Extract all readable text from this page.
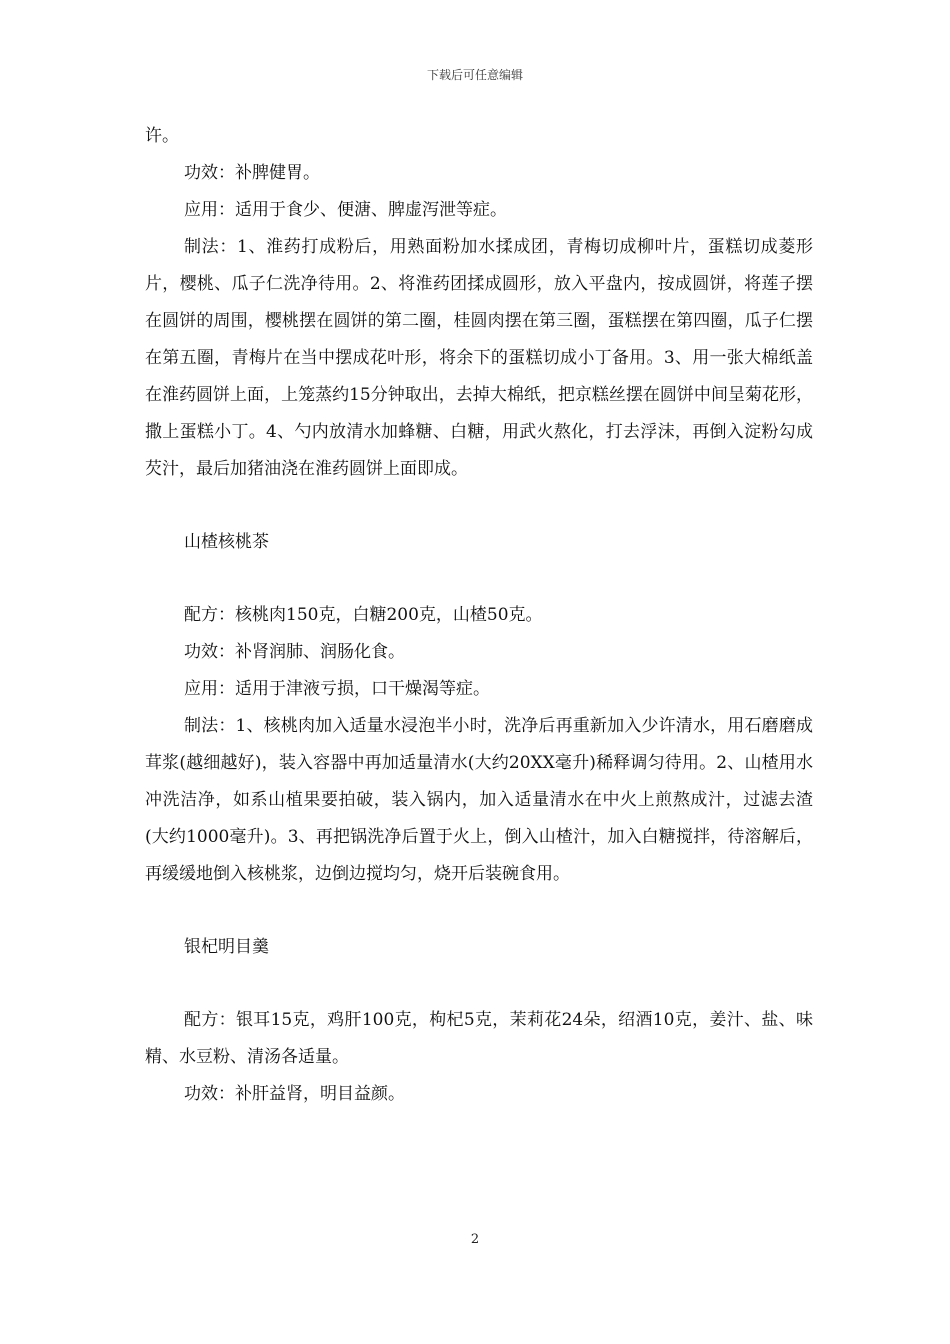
下载后可任意编辑

许。

功效：补脾健胃。

应用：适用于食少、便溏、脾虚泻泄等症。

制法：1、淮药打成粉后，用熟面粉加水揉成团，青梅切成柳叶片，蛋糕切成菱形片，樱桃、瓜子仁洗净待用。2、将淮药团揉成圆形，放入平盘内，按成圆饼，将莲子摆在圆饼的周围，樱桃摆在圆饼的第二圈，桂圆肉摆在第三圈，蛋糕摆在第四圈，瓜子仁摆在第五圈，青梅片在当中摆成花叶形，将余下的蛋糕切成小丁备用。3、用一张大棉纸盖在淮药圆饼上面，上笼蒸约15分钟取出，去掉大棉纸，把京糕丝摆在圆饼中间呈菊花形，撒上蛋糕小丁。4、勺内放清水加蜂糖、白糖，用武火熬化，打去浮沫，再倒入淀粉勾成芡汁，最后加猪油浇在淮药圆饼上面即成。

山楂核桃茶

配方：核桃肉150克，白糖200克，山楂50克。

功效：补肾润肺、润肠化食。

应用：适用于津液亏损，口干燥渴等症。

制法：1、核桃肉加入适量水浸泡半小时，洗净后再重新加入少许清水，用石磨磨成茸浆(越细越好)，装入容器中再加适量清水(大约20XX毫升)稀释调匀待用。2、山楂用水冲洗洁净，如系山植果要拍破，装入锅内，加入适量清水在中火上煎熬成汁，过滤去渣(大约1000毫升)。3、再把锅洗净后置于火上，倒入山楂汁，加入白糖搅拌，待溶解后，再缓缓地倒入核桃浆，边倒边搅均匀，烧开后装碗食用。

银杞明目羹

配方：银耳15克，鸡肝100克，枸杞5克，茉莉花24朵，绍酒10克，姜汁、盐、味精、水豆粉、清汤各适量。

功效：补肝益肾，明目益颜。

2
